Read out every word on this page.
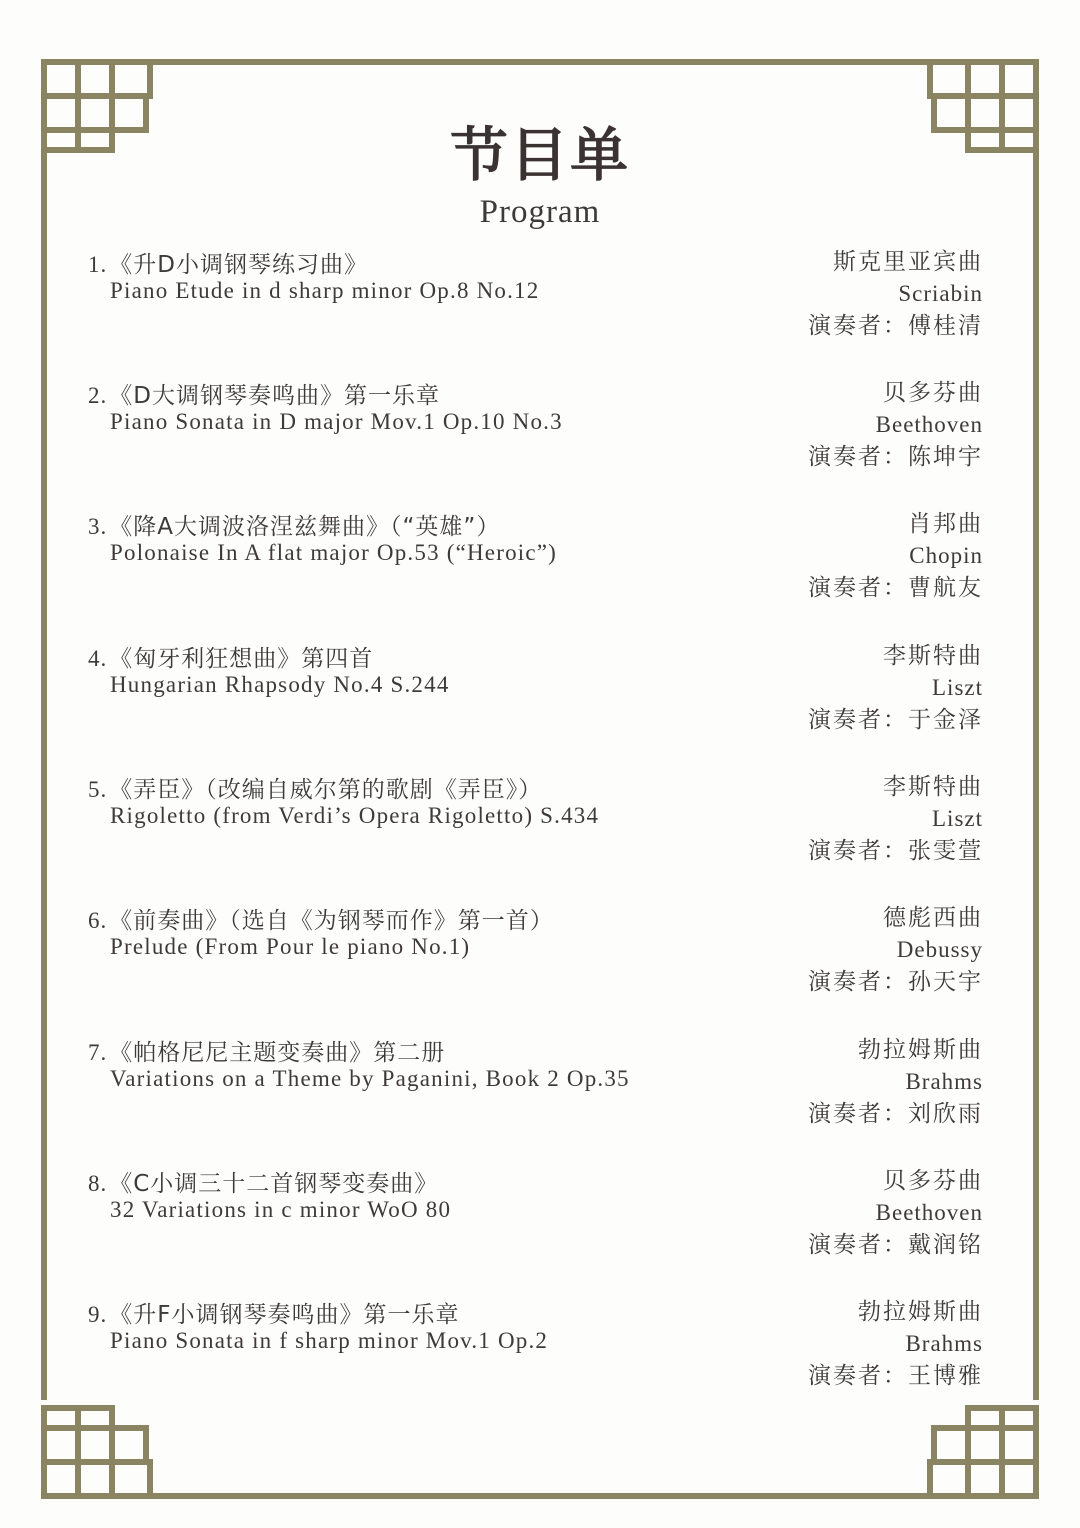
节目单
Program
1.《升D小调钢琴练习曲》
Piano Etude in d sharp minor Op.8 No.12
斯克里亚宾曲
Scriabin
演奏者：傅桂清
2.《D大调钢琴奏鸣曲》第一乐章
Piano Sonata in D major Mov.1 Op.10 No.3
贝多芬曲
Beethoven
演奏者：陈坤宇
3.《降A大调波洛涅兹舞曲》（“英雄”）
Polonaise In A flat major Op.53 (“Heroic”)
肖邦曲
Chopin
演奏者：曹航友
4.《匈牙利狂想曲》第四首
Hungarian Rhapsody No.4 S.244
李斯特曲
Liszt
演奏者：于金泽
5.《弄臣》（改编自威尔第的歌剧《弄臣》）
Rigoletto (from Verdi’s Opera Rigoletto) S.434
李斯特曲
Liszt
演奏者：张雯萱
6.《前奏曲》（选自《为钢琴而作》第一首）
Prelude (From Pour le piano No.1)
德彪西曲
Debussy
演奏者：孙天宇
7.《帕格尼尼主题变奏曲》第二册
Variations on a Theme by Paganini, Book 2 Op.35
勃拉姆斯曲
Brahms
演奏者：刘欣雨
8.《C小调三十二首钢琴变奏曲》
32 Variations in c minor WoO 80
贝多芬曲
Beethoven
演奏者：戴润铭
9.《升F小调钢琴奏鸣曲》第一乐章
Piano Sonata in f sharp minor Mov.1 Op.2
勃拉姆斯曲
Brahms
演奏者：王博雅
